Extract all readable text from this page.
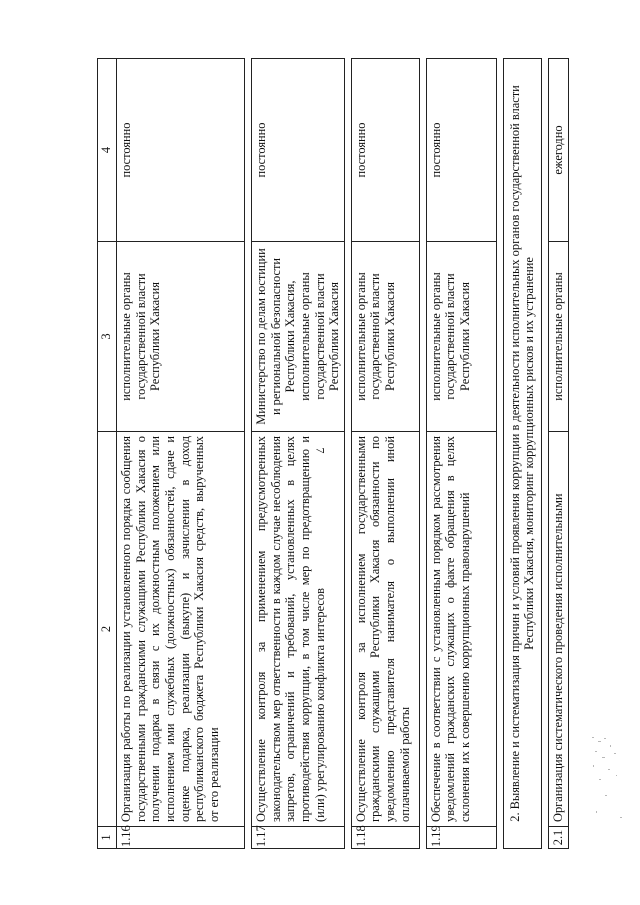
7
1	2	3	4
1.16	Организация работы по реализации установленного порядка сообщения государственными гражданскими служащими Республики Хакасия о получении подарка в связи с их должностным положением или исполнением ими служебных (должностных) обязанностей, сдаче и оценке подарка, реализации (выкупе) и зачислении в доход республиканского бюджета Республики Хакасия средств, вырученных от его реализации	исполнительные органы государственной власти Республики Хакасия	постоянно

1.17	Осуществление контроля за применением предусмотренных законодательством мер ответственности в каждом случае несоблюдения запретов, ограничений и требований, установленных в целях противодействия коррупции, в том числе мер по предотвращению и (или) урегулированию конфликта интересов	Министерство по делам юстиции и региональной безопасности Республики Хакасия, исполнительные органы государственной власти Республики Хакасия	постоянно

1.18	Осуществление контроля за исполнением государственными гражданскими служащими Республики Хакасия обязанности по уведомлению представителя нанимателя о выполнении иной оплачиваемой работы	исполнительные органы государственной власти Республики Хакасия	постоянно

1.19	Обеспечение в соответствии с установленным порядком рассмотрения уведомлений гражданских служащих о факте обращения в целях склонения их к совершению коррупционных правонарушений	исполнительные органы государственной власти Республики Хакасия	постоянно

2. Выявление и систематизация причин и условий проявления коррупции в деятельности исполнительных органов государственной власти Республики Хакасия, мониторинг коррупционных рисков и их устранение			

2.1	Организация систематического проведения исполнительными	исполнительные органы	ежегодно
